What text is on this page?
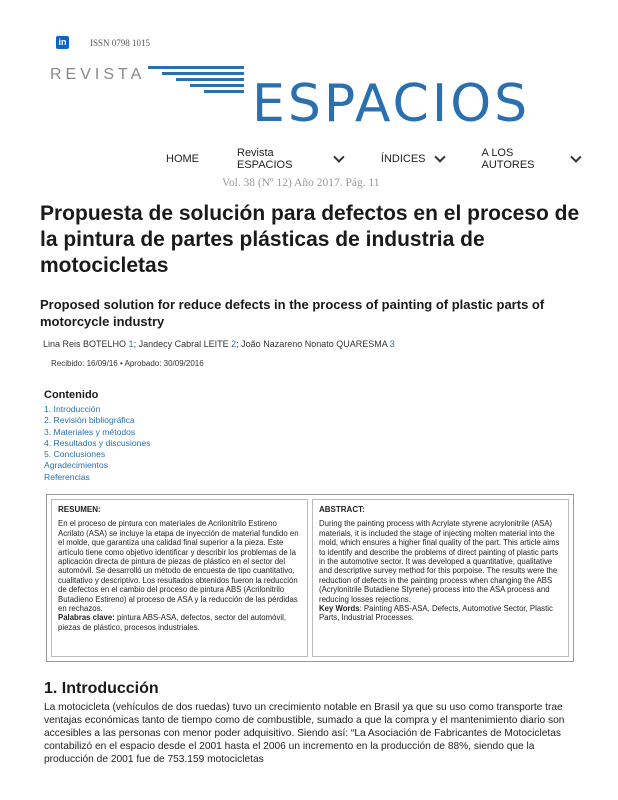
in	ISSN 0798 1015
REVISTA ESPACIOS
HOME	Revista ESPACIOS	ÍNDICES	A LOS AUTORES
Vol. 38 (Nº 12) Año 2017. Pág. 11
Propuesta de solución para defectos en el proceso de la pintura de partes plásticas de industria de motocicletas
Proposed solution for reduce defects in the process of painting of plastic parts of motorcycle industry
Lina Reis BOTELHO 1; Jandecy Cabral LEITE 2; João Nazareno Nonato QUARESMA 3
Recibido: 16/09/16 • Aprobado: 30/09/2016
Contenido
1. Introducción
2. Revisión bibliográfica
3. Materiales y métodos
4. Resultados y discusiones
5. Conclusiones
Agradecimientos
Referencias
RESUMEN:
En el proceso de pintura con materiales de Acrilonitrilo Estireno Acrilato (ASA) se incluye la etapa de inyección de material fundido en el molde, que garantiza una calidad final superior a la pieza. Este artículo tiene como objetivo identificar y describir los problemas de la aplicación directa de pintura de piezas de plástico en el sector del automóvil. Se desarrolló un método de encuesta de tipo cuantitativo, cualitativo y descriptivo. Los resultados obtenidos fueron la reducción de defectos en el cambio del proceso de pintura ABS (Acrilonitrilo Butadieno Estireno) al proceso de ASA y la reducción de las pérdidas en rechazos.
Palabras clave: pintura ABS-ASA, defectos, sector del automóvil, piezas de plástico, procesos industriales.
ABSTRACT:
During the painting process with Acrylate styrene acrylonitrile (ASA) materials, it is included the stage of injecting molten material into the mold, which ensures a higher final quality of the part. This article aims to identify and describe the problems of direct painting of plastic parts in the automotive sector. It was developed a quantitative, qualitative and descriptive survey method for this porpoise. The results were the reduction of defects in the painting process when changing the ABS (Acrylonitrile Butadiene Styrene) process into the ASA process and reducing losses rejections.
Key Words: Painting ABS-ASA, Defects, Automotive Sector, Plastic Parts, Industrial Processes.
1. Introducción
La motocicleta (vehículos de dos ruedas) tuvo un crecimiento notable en Brasil ya que su uso como transporte trae ventajas económicas tanto de tiempo como de combustible, sumado a que la compra y el mantenimiento diario son accesibles a las personas con menor poder adquisitivo. Siendo así: “La Asociación de Fabricantes de Motocicletas contabilizó en el espacio desde el 2001 hasta el 2006 un incremento en la producción de 88%, siendo que la producción de 2001 fue de 753.159 motocicletas
